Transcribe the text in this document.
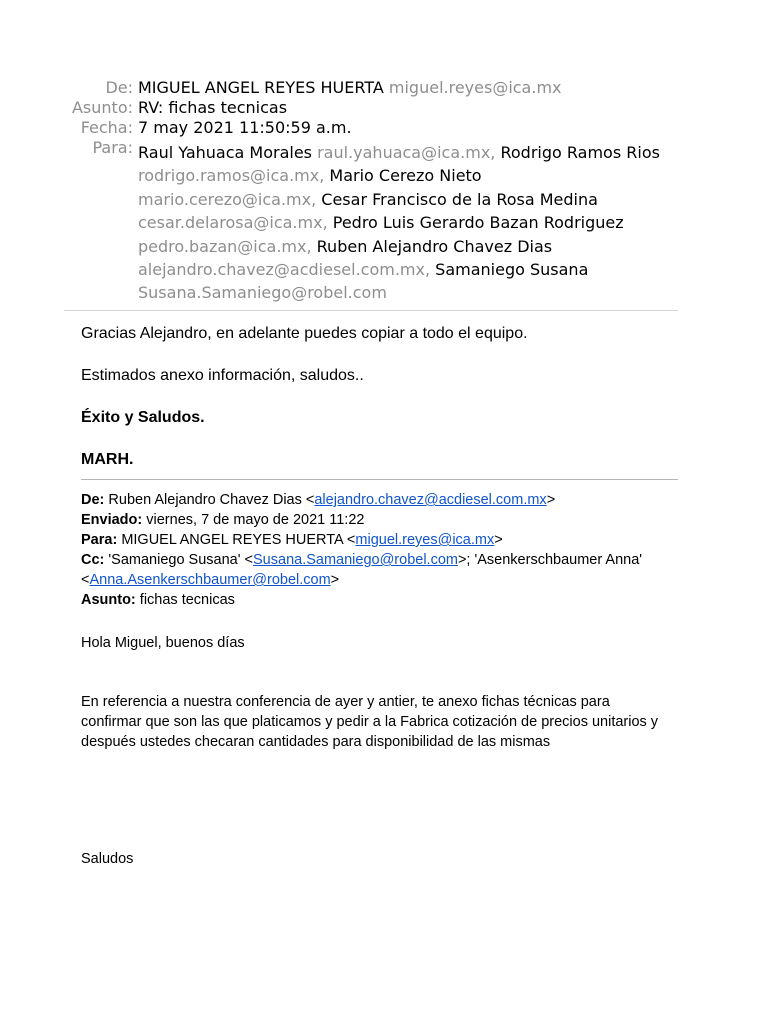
De: MIGUEL ANGEL REYES HUERTA miguel.reyes@ica.mx
Asunto: RV: fichas tecnicas
Fecha: 7 may 2021 11:50:59 a.m.
Para: Raul Yahuaca Morales raul.yahuaca@ica.mx, Rodrigo Ramos Rios
rodrigo.ramos@ica.mx, Mario Cerezo Nieto
mario.cerezo@ica.mx, Cesar Francisco de la Rosa Medina
cesar.delarosa@ica.mx, Pedro Luis Gerardo Bazan Rodriguez
pedro.bazan@ica.mx, Ruben Alejandro Chavez Dias
alejandro.chavez@acdiesel.com.mx, Samaniego Susana
Susana.Samaniego@robel.com

Gracias Alejandro, en adelante puedes copiar a todo el equipo.

Estimados anexo información, saludos..

Éxito y Saludos.

MARH.

De: Ruben Alejandro Chavez Dias <alejandro.chavez@acdiesel.com.mx>
Enviado: viernes, 7 de mayo de 2021 11:22
Para: MIGUEL ANGEL REYES HUERTA <miguel.reyes@ica.mx>
Cc: 'Samaniego Susana' <Susana.Samaniego@robel.com>; 'Asenkerschbaumer Anna'
<Anna.Asenkerschbaumer@robel.com>
Asunto: fichas tecnicas
Hola Miguel, buenos días
En referencia a nuestra conferencia de ayer y antier, te anexo fichas técnicas para
confirmar que son las que platicamos y pedir a la Fabrica cotización de precios unitarios y
después ustedes checaran cantidades para disponibilidad de las mismas
Saludos
